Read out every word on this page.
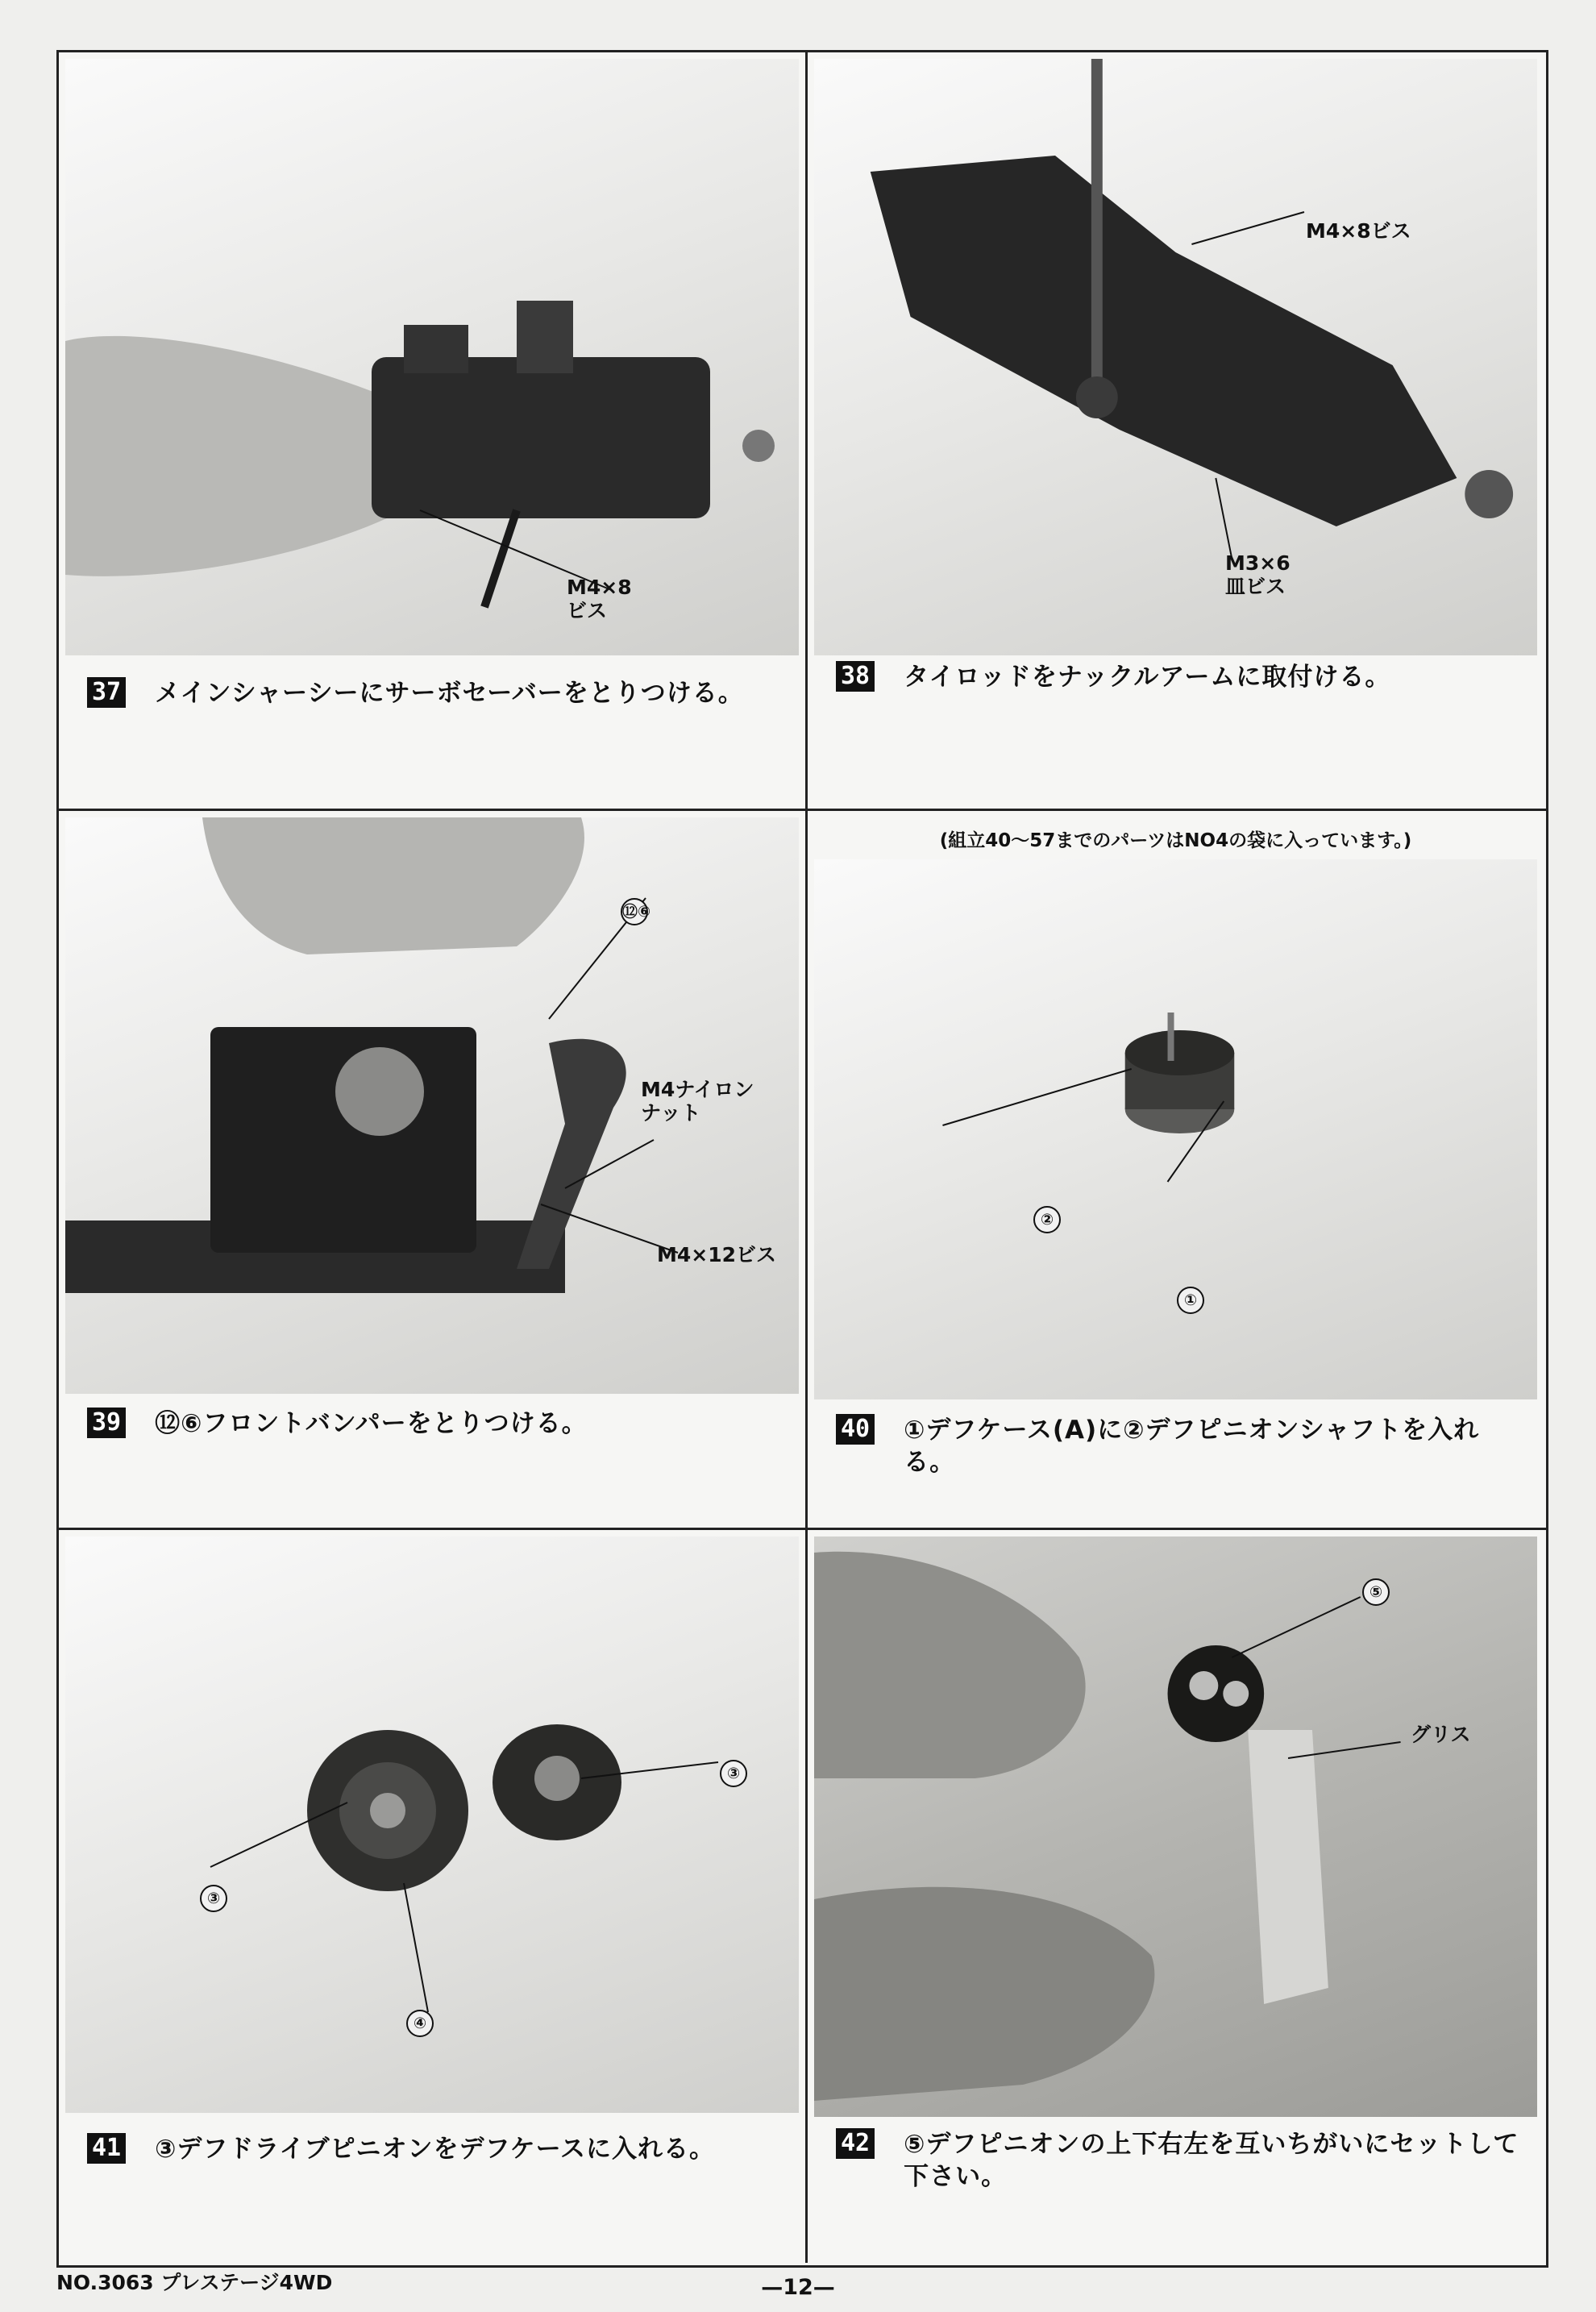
M4×8
ビス
37 メインシャーシーにサーボセーバーをとりつける。
M4×8ビス
M3×6
皿ビス
38 タイロッドをナックルアームに取付ける。
⑫⑥
M4ナイロン
ナット
M4×12ビス
39 ⑫⑥フロントバンパーをとりつける。
(組立40〜57までのパーツはNO4の袋に入っています。)
②
①
40 ①デフケース(A)に②デフピニオンシャフトを入れる。
③
③
④
41 ③デフドライブピニオンをデフケースに入れる。
⑤
グリス
42 ⑤デフピニオンの上下右左を互いちがいにセットして
下さい。
NO.3063 プレステージ4WD	—12—
